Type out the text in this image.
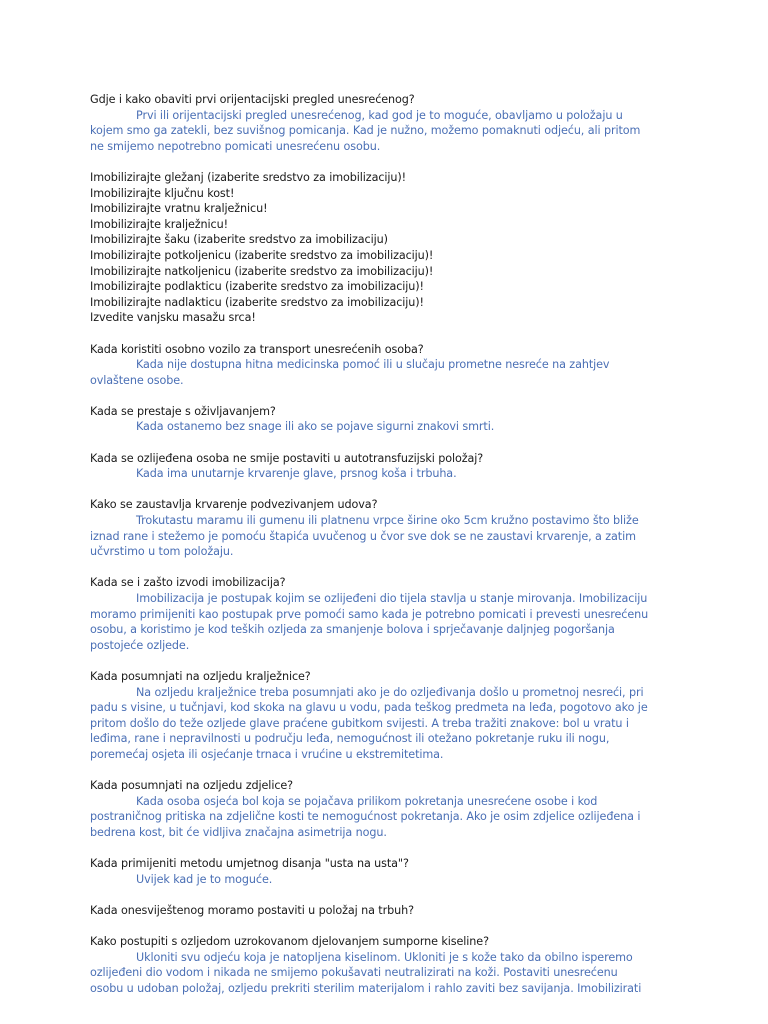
Gdje i kako obaviti prvi orijentacijski pregled unesrećenog?

Prvi ili orijentacijski pregled unesrećenog, kad god je to moguće, obavljamo u položaju u kojem smo ga zatekli, bez suvišnog pomicanja. Kad je nužno, možemo pomaknuti odjeću, ali pritom ne smijemo nepotrebno pomicati unesrećenu osobu.

Imobilizirajte gležanj (izaberite sredstvo za imobilizaciju)!
Imobilizirajte ključnu kost!
Imobilizirajte vratnu kralježnicu!
Imobilizirajte kralježnicu!
Imobilizirajte šaku (izaberite sredstvo za imobilizaciju)
Imobilizirajte potkoljenicu (izaberite sredstvo za imobilizaciju)!
Imobilizirajte natkoljenicu (izaberite sredstvo za imobilizaciju)!
Imobilizirajte podlakticu (izaberite sredstvo za imobilizaciju)!
Imobilizirajte nadlakticu (izaberite sredstvo za imobilizaciju)!
Izvedite vanjsku masažu srca!

Kada koristiti osobno vozilo za transport unesrećenih osoba?

Kada nije dostupna hitna medicinska pomoć ili u slučaju prometne nesreće na zahtjev ovlaštene osobe.

Kada se prestaje s oživljavanjem?

Kada ostanemo bez snage ili ako se pojave sigurni znakovi smrti.

Kada se ozlijeđena osoba ne smije postaviti u autotransfuzijski položaj?

Kada ima unutarnje krvarenje glave, prsnog koša i trbuha.

Kako se zaustavlja krvarenje podvezivanjem udova?

Trokutastu maramu ili gumenu ili platnenu vrpce širine oko 5cm kružno postavimo što bliže iznad rane i stežemo je pomoću štapića uvučenog u čvor sve dok se ne zaustavi krvarenje, a zatim učvrstimo u tom položaju.

Kada se i zašto izvodi imobilizacija?

Imobilizacija je postupak kojim se ozlijeđeni dio tijela stavlja u stanje mirovanja. Imobilizaciju moramo primijeniti kao postupak prve pomoći samo kada je potrebno pomicati i prevesti unesrećenu osobu, a koristimo je kod teških ozljeda za smanjenje bolova i sprječavanje daljnjeg pogoršanja postojeće ozljede.

Kada posumnjati na ozljedu kralježnice?

Na ozljedu kralježnice treba posumnjati ako je do ozljeđivanja došlo u prometnoj nesreći, pri padu s visine, u tučnjavi, kod skoka na glavu u vodu, pada teškog predmeta na leđa, pogotovo ako je pritom došlo do teže ozljede glave praćene gubitkom svijesti. A treba tražiti znakove: bol u vratu i leđima, rane i nepravilnosti u području leđa, nemogućnost ili otežano pokretanje ruku ili nogu, poremećaj osjeta ili osjećanje trnaca i vrućine u ekstremitetima.

Kada posumnjati na ozljedu zdjelice?

Kada osoba osjeća bol koja se pojačava prilikom pokretanja unesrećene osobe i kod postraničnog pritiska na zdjelične kosti te nemogućnost pokretanja. Ako je osim zdjelice ozlijeđena i bedrena kost, bit će vidljiva značajna asimetrija nogu.

Kada primijeniti metodu umjetnog disanja "usta na usta"?

Uvijek kad je to moguće.

Kada onesviještenog moramo postaviti u položaj na trbuh?

Kako postupiti s ozljedom uzrokovanom djelovanjem sumporne kiseline?

Ukloniti svu odjeću koja je natopljena kiselinom. Ukloniti je s kože tako da obilno isperemo ozlijeđeni dio vodom i nikada ne smijemo pokušavati neutralizirati na koži. Postaviti unesrećenu osobu u udoban položaj, ozljedu prekriti sterilim materijalom i rahlo zaviti bez savijanja. Imobilizirati
